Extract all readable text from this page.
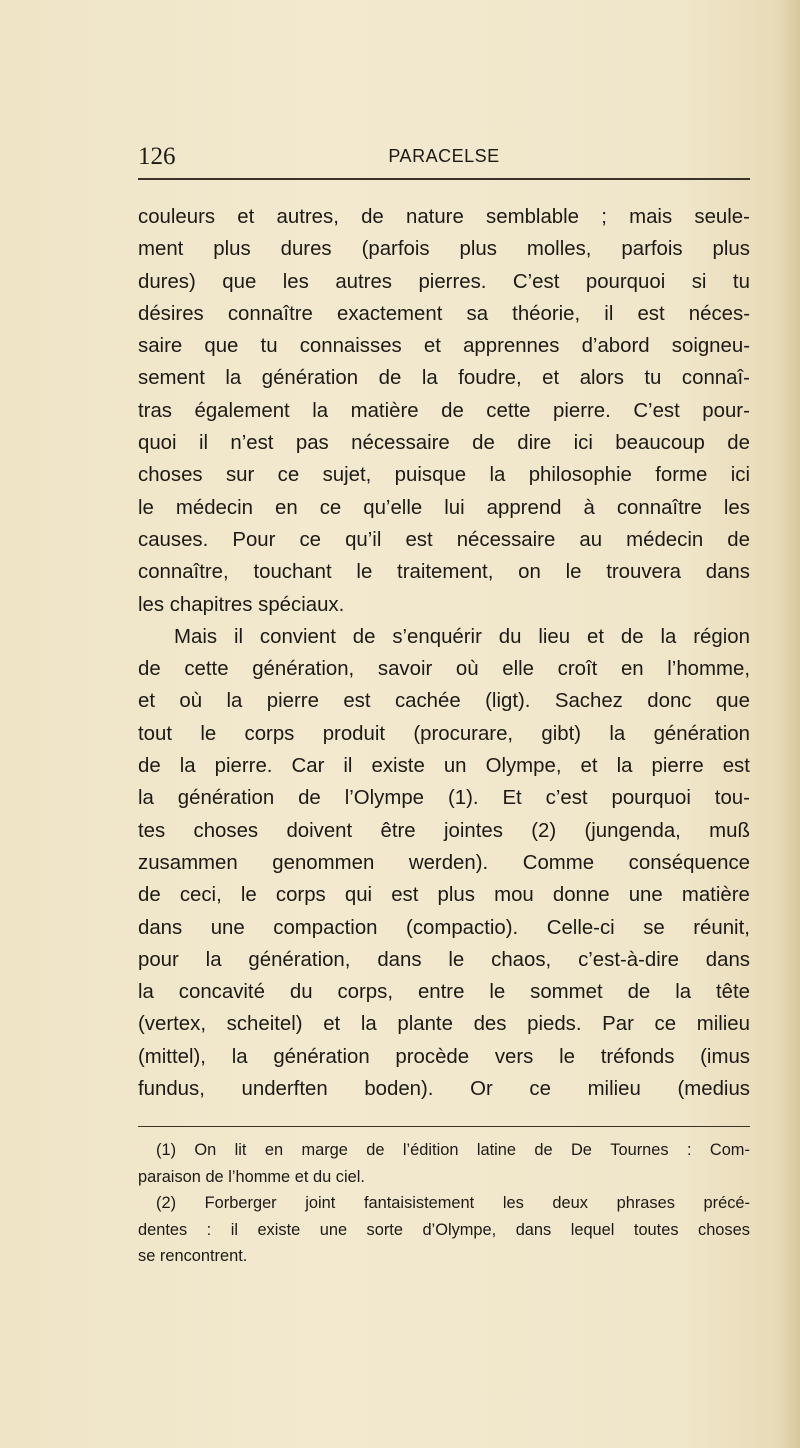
126	PARACELSE
couleurs et autres, de nature semblable ; mais seule-
ment plus dures (parfois plus molles, parfois plus
dures) que les autres pierres. C’est pourquoi si tu
désires connaître exactement sa théorie, il est néces-
saire que tu connaisses et apprennes d’abord soigneu-
sement la génération de la foudre, et alors tu connaî-
tras également la matière de cette pierre. C’est pour-
quoi il n’est pas nécessaire de dire ici beaucoup de
choses sur ce sujet, puisque la philosophie forme ici
le médecin en ce qu’elle lui apprend à connaître les
causes. Pour ce qu’il est nécessaire au médecin de
connaître, touchant le traitement, on le trouvera dans
les chapitres spéciaux.
Mais il convient de s’enquérir du lieu et de la région
de cette génération, savoir où elle croît en l’homme,
et où la pierre est cachée (ligt). Sachez donc que
tout le corps produit (procurare, gibt) la génération
de la pierre. Car il existe un Olympe, et la pierre est
la génération de l’Olympe (1). Et c’est pourquoi tou-
tes choses doivent être jointes (2) (jungenda, muß
zusammen genommen werden). Comme conséquence
de ceci, le corps qui est plus mou donne une matière
dans une compaction (compactio). Celle-ci se réunit,
pour la génération, dans le chaos, c’est-à-dire dans
la concavité du corps, entre le sommet de la tête
(vertex, scheitel) et la plante des pieds. Par ce milieu
(mittel), la génération procède vers le tréfonds (imus
fundus, underften boden). Or ce milieu (medius
(1) On lit en marge de l’édition latine de De Tournes : Com-
paraison de l’homme et du ciel.
(2) Forberger joint fantaisistement les deux phrases précé-
dentes : il existe une sorte d’Olympe, dans lequel toutes choses
se rencontrent.
